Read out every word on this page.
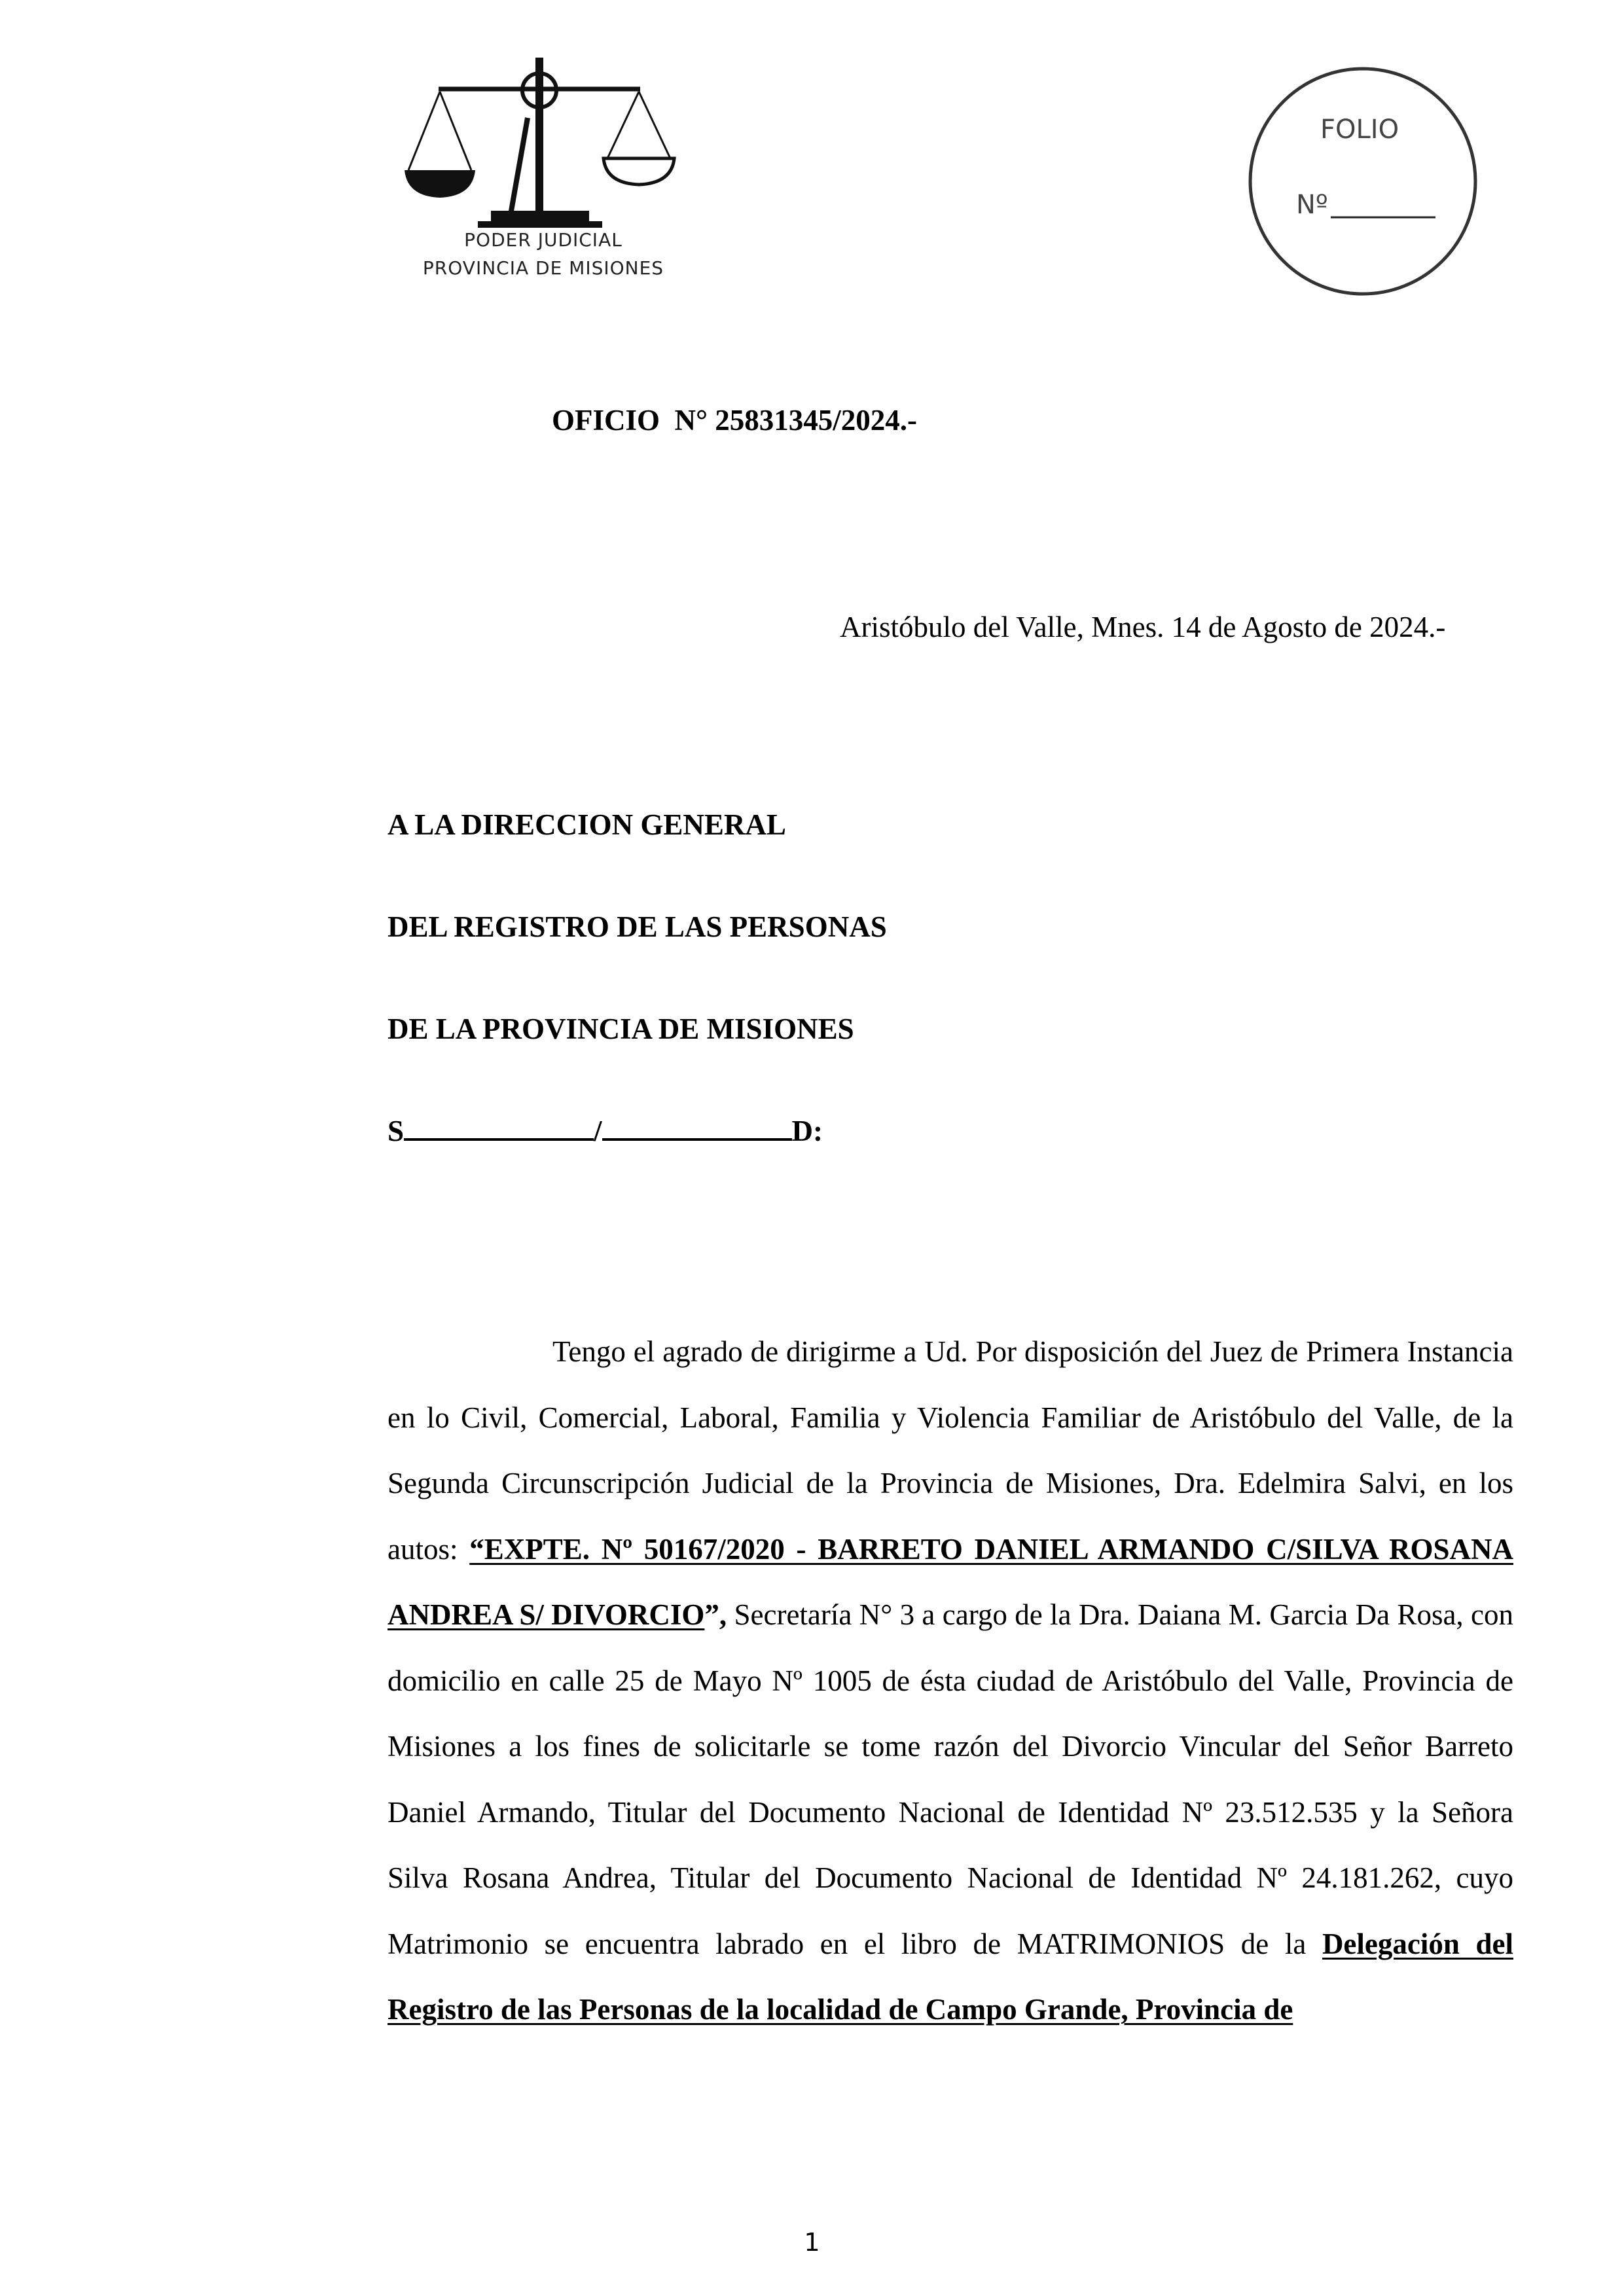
PODER JUDICIAL
PROVINCIA DE MISIONES
FOLIO
Nº
OFICIO  N° 25831345/2024.-
Aristóbulo del Valle, Mnes. 14 de Agosto de 2024.-
A LA DIRECCION GENERAL
DEL REGISTRO DE LAS PERSONAS
DE LA PROVINCIA DE MISIONES
S	/	D:
Tengo el agrado de dirigirme a Ud. Por disposición del Juez de Primera Instancia en lo Civil, Comercial, Laboral, Familia y Violencia Familiar de Aristóbulo del Valle, de la Segunda Circunscripción Judicial de la Provincia de Misiones, Dra. Edelmira Salvi, en los autos: “EXPTE. Nº 50167/2020 - BARRETO DANIEL ARMANDO C/SILVA ROSANA ANDREA S/ DIVORCIO”, Secretaría N° 3 a cargo de la Dra. Daiana M. Garcia Da Rosa, con domicilio en calle 25 de Mayo Nº 1005 de ésta ciudad de Aristóbulo del Valle, Provincia de Misiones a los fines de solicitarle se tome razón del Divorcio Vincular del Señor Barreto Daniel Armando, Titular del Documento Nacional de Identidad Nº 23.512.535 y la Señora Silva Rosana Andrea, Titular del Documento Nacional de Identidad Nº 24.181.262, cuyo Matrimonio se encuentra labrado en el libro de MATRIMONIOS de la Delegación del Registro de las Personas de la localidad de Campo Grande, Provincia de
1
